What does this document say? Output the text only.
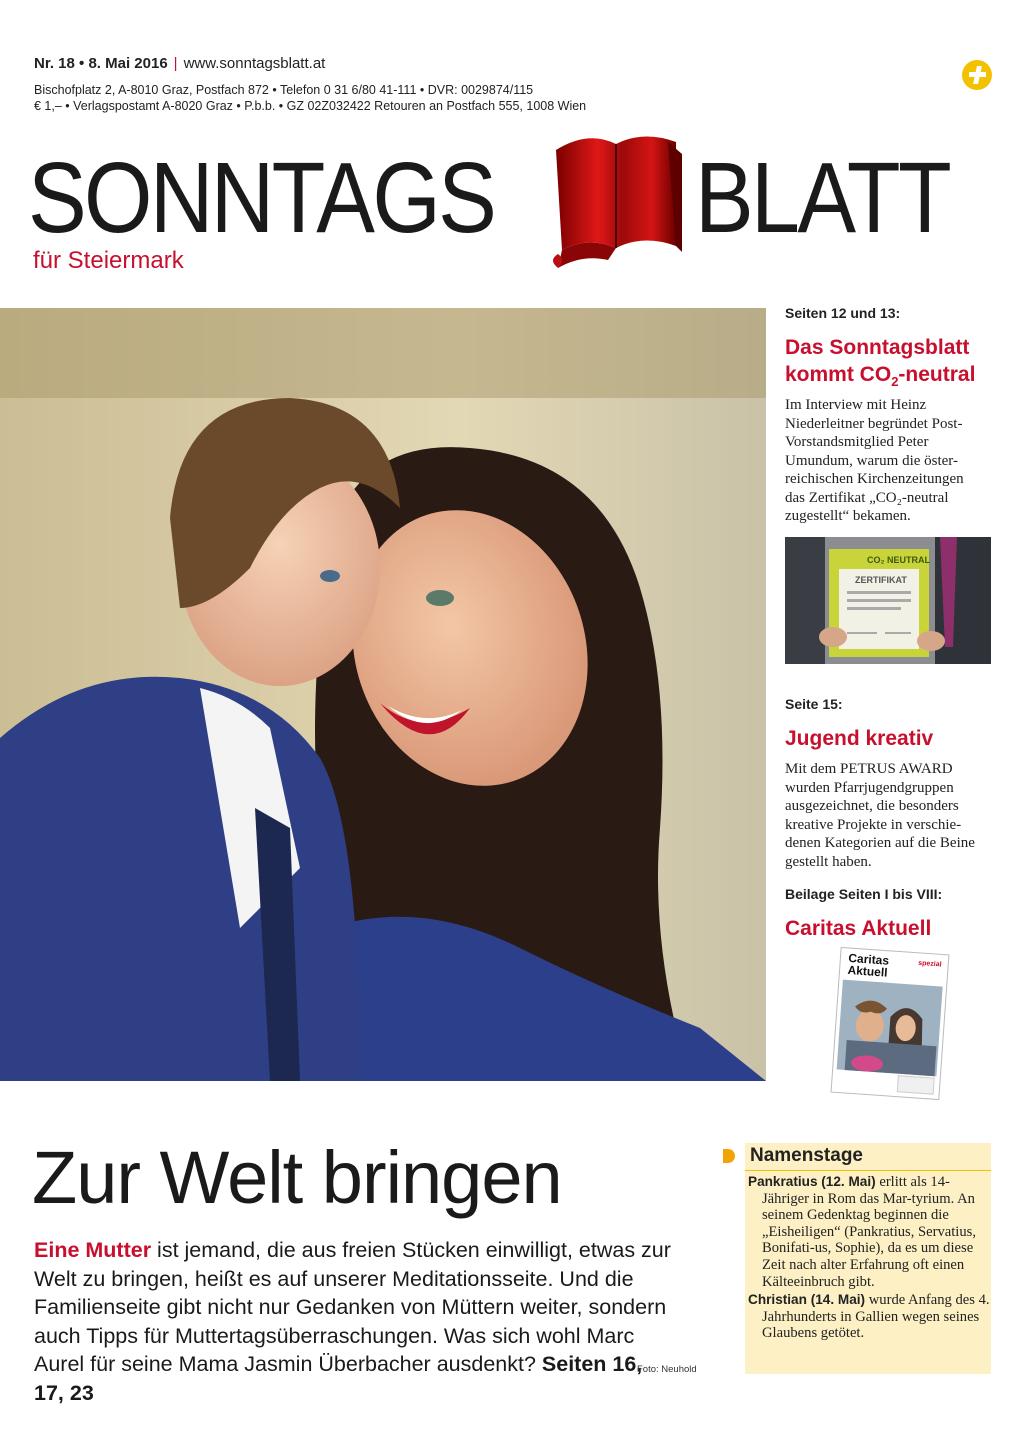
Nr. 18 • 8. Mai 2016 | www.sonntagsblatt.at
Bischofplatz 2, A-8010 Graz, Postfach 872 • Telefon 0 31 6/80 41-111 • DVR: 0029874/115
€ 1,– • Verlagspostamt A-8020 Graz • P.b.b. • GZ 02Z032422 Retouren an Postfach 555, 1008 Wien
SONNTAGS BLATT
für Steiermark
Seiten 12 und 13:
Das Sonntagsblatt kommt $CO_2$-neutral
Im Interview mit Heinz Niederleitner begründet Post-Vorstandsmitglied Peter Umundum, warum die öster-reichischen Kirchenzeitungen das Zertifikat „CO₂-neutral zugestellt“ bekamen.
CO₂ NEUTRAL
ZERTIFIKAT
Seite 15:
Jugend kreativ
Mit dem PETRUS AWARD wurden Pfarrjugendgruppen ausgezeichnet, die besonders kreative Projekte in verschie-denen Kategorien auf die Beine gestellt haben.
Beilage Seiten I bis VIII:
Caritas Aktuell
Caritas
Aktuell	spezial
Zur Welt bringen
Eine Mutter ist jemand, die aus freien Stücken einwilligt, etwas zur Welt zu bringen, heißt es auf unserer Meditationsseite. Und die Familienseite gibt nicht nur Gedanken von Müttern weiter, sondern auch Tipps für Muttertagsüberraschungen. Was sich wohl Marc Aurel für seine Mama Jasmin Überbacher ausdenkt? Seiten 16, 17, 23
Foto: Neuhold
Namenstage

Pankratius (12. Mai) erlitt als 14-Jähriger in Rom das Mar-tyrium. An seinem Gedenktag beginnen die „Eisheiligen“ (Pankratius, Servatius, Bonifati-us, Sophie), da es um diese Zeit nach alter Erfahrung oft einen Kälteeinbruch gibt.

Christian (14. Mai) wurde Anfang des 4. Jahrhunderts in Gallien wegen seines Glaubens getötet.
